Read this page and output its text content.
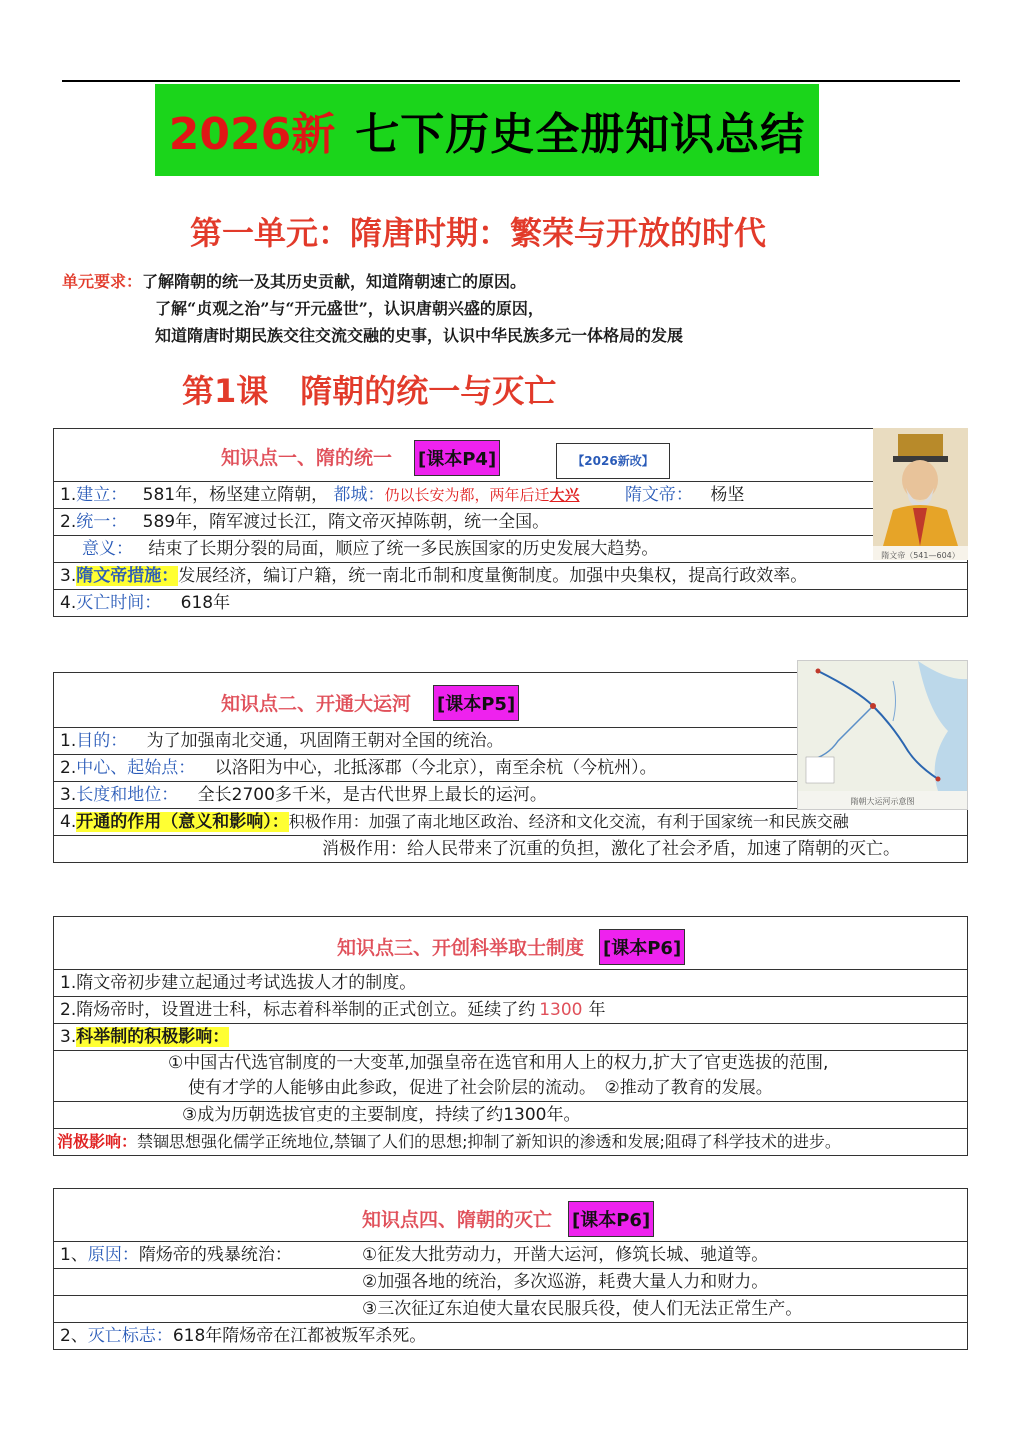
2026新 七下历史全册知识总结
第一单元：隋唐时期：繁荣与开放的时代
单元要求：了解隋朝的统一及其历史贡献，知道隋朝速亡的原因。
了解“贞观之治”与“开元盛世”，认识唐朝兴盛的原因，
知道隋唐时期民族交往交流交融的史事，认识中华民族多元一体格局的发展
第1课　隋朝的统一与灭亡
知识点一、隋的统一 [课本P4]	【2026新改】
1.建立： 581年，杨坚建立隋朝， 都城：仍以长安为都，两年后迁大兴	隋文帝： 杨坚
2.统一： 589年，隋军渡过长江，隋文帝灭掉陈朝，统一全国。
意义： 结束了长期分裂的局面，顺应了统一多民族国家的历史发展大趋势。
3.隋文帝措施：发展经济，编订户籍，统一南北币制和度量衡制度。加强中央集权，提高行政效率。
4.灭亡时间： 618年
隋文帝（541—604）
知识点二、开通大运河 [课本P5]
1.目的： 为了加强南北交通，巩固隋王朝对全国的统治。
2.中心、起始点： 以洛阳为中心，北抵涿郡（今北京），南至余杭（今杭州）。
3.长度和地位： 全长2700多千米，是古代世界上最长的运河。
4.开通的作用（意义和影响）：积极作用：加强了南北地区政治、经济和文化交流，有利于国家统一和民族交融
消极作用：给人民带来了沉重的负担，激化了社会矛盾，加速了隋朝的灭亡。
隋朝大运河示意图
知识点三、开创科举取士制度 [课本P6]
1.隋文帝初步建立起通过考试选拔人才的制度。
2.隋炀帝时，设置进士科，标志着科举制的正式创立。延续了约 1300 年
3.科举制的积极影响：
①中国古代选官制度的一大变革,加强皇帝在选官和用人上的权力,扩大了官吏选拔的范围,
使有才学的人能够由此参政，促进了社会阶层的流动。　②推动了教育的发展。
③成为历朝选拔官吏的主要制度，持续了约1300年。
消极影响：禁锢思想强化儒学正统地位,禁锢了人们的思想;抑制了新知识的渗透和发展;阻碍了科学技术的进步。
知识点四、隋朝的灭亡 [课本P6]
1、原因：隋炀帝的残暴统治：	①征发大批劳动力，开凿大运河，修筑长城、驰道等。
②加强各地的统治，多次巡游，耗费大量人力和财力。
③三次征辽东迫使大量农民服兵役，使人们无法正常生产。
2、灭亡标志：618年隋炀帝在江都被叛军杀死。
